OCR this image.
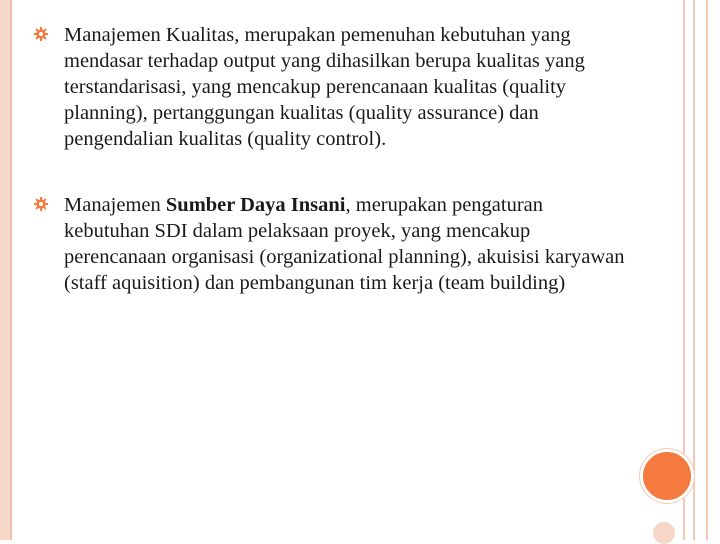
Manajemen Kualitas, merupakan pemenuhan kebutuhan yang mendasar terhadap output yang dihasilkan berupa kualitas yang terstandarisasi, yang mencakup perencanaan kualitas (quality planning), pertanggungan kualitas (quality assurance) dan pengendalian kualitas (quality control).
Manajemen Sumber Daya Insani, merupakan pengaturan kebutuhan SDI dalam pelaksaan proyek, yang mencakup perencanaan organisasi (organizational planning), akuisisi karyawan (staff aquisition) dan pembangunan tim kerja (team building)
